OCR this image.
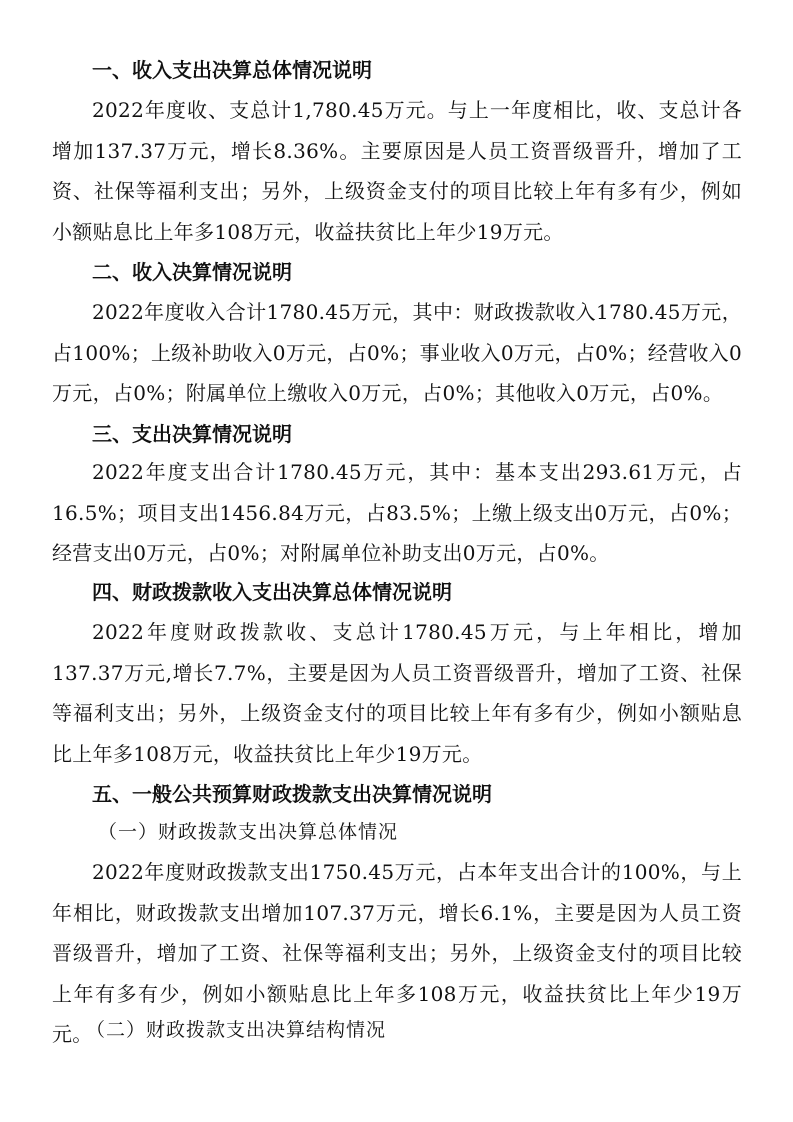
一、收入支出决算总体情况说明
2022年度收、支总计1,780.45万元。与上一年度相比，收、支总计各增加137.37万元，增长8.36%。主要原因是人员工资晋级晋升，增加了工资、社保等福利支出；另外，上级资金支付的项目比较上年有多有少，例如小额贴息比上年多108万元，收益扶贫比上年少19万元。
二、收入决算情况说明
2022年度收入合计1780.45万元，其中：财政拨款收入1780.45万元，占100%；上级补助收入0万元，占0%；事业收入0万元，占0%；经营收入0万元，占0%；附属单位上缴收入0万元，占0%；其他收入0万元，占0%。
三、支出决算情况说明
2022年度支出合计1780.45万元，其中：基本支出293.61万元，占16.5%；项目支出1456.84万元，占83.5%；上缴上级支出0万元，占0%；经营支出0万元，占0%；对附属单位补助支出0万元，占0%。
四、财政拨款收入支出决算总体情况说明
2022年度财政拨款收、支总计1780.45万元，与上年相比，增加137.37万元,增长7.7%，主要是因为人员工资晋级晋升，增加了工资、社保等福利支出；另外，上级资金支付的项目比较上年有多有少，例如小额贴息比上年多108万元，收益扶贫比上年少19万元。
五、一般公共预算财政拨款支出决算情况说明
（一）财政拨款支出决算总体情况
2022年度财政拨款支出1750.45万元，占本年支出合计的100%，与上年相比，财政拨款支出增加107.37万元，增长6.1%，主要是因为人员工资晋级晋升，增加了工资、社保等福利支出；另外，上级资金支付的项目比较上年有多有少，例如小额贴息比上年多108万元，收益扶贫比上年少19万元。
（二）财政拨款支出决算结构情况
